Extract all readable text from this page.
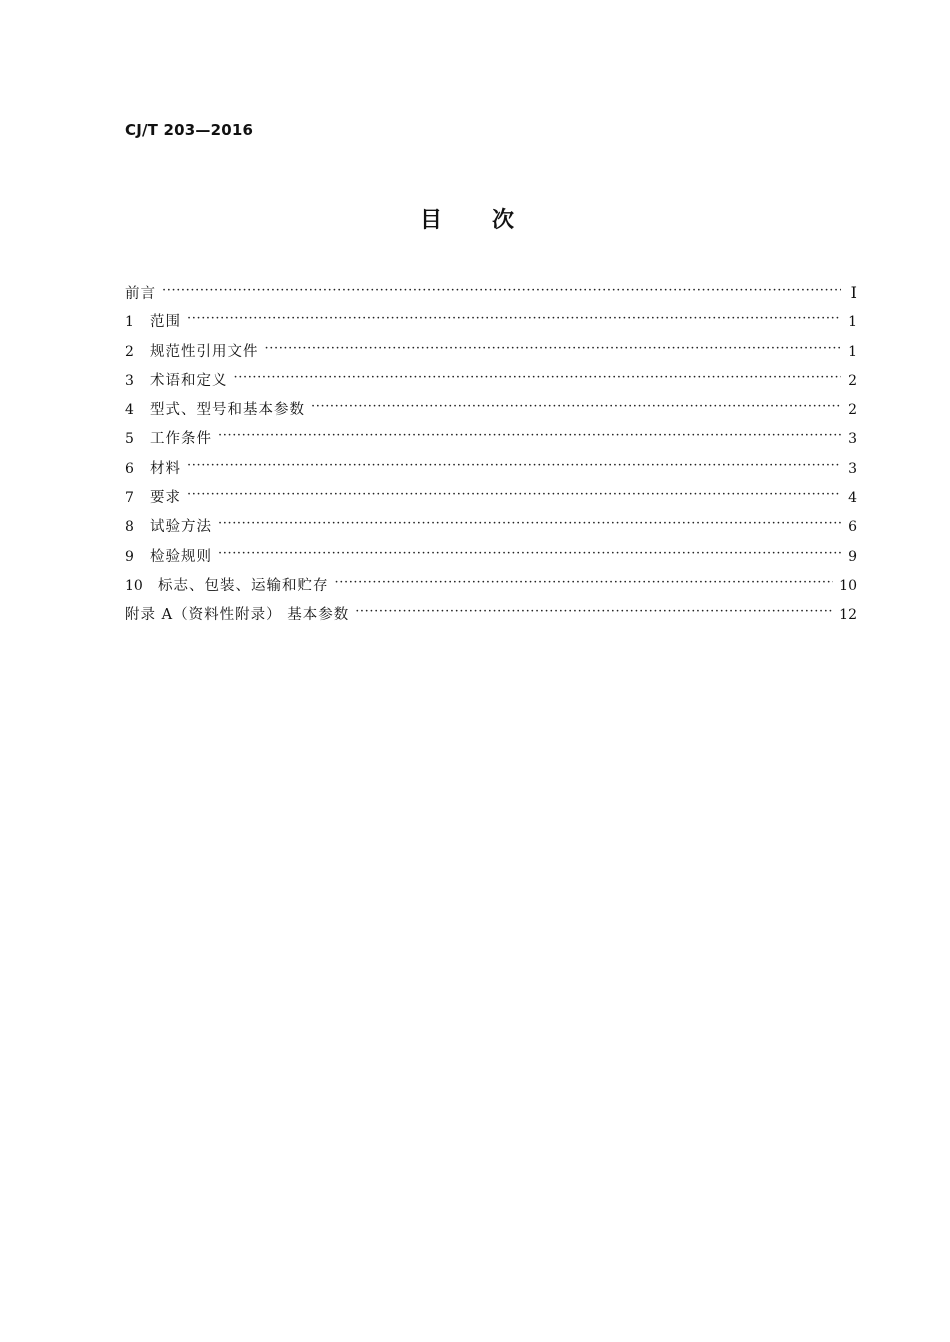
CJ/T 203—2016
目次
前言 ·····	I
1	范围 ·····	1
2	规范性引用文件 ·····	1
3	术语和定义 ·····	2
4	型式、型号和基本参数 ·····	2
5	工作条件 ·····	3
6	材料 ·····	3
7	要求 ·····	4
8	试验方法 ·····	6
9	检验规则 ·····	9
10	标志、包装、运输和贮存 ·····	10
附录 A（资料性附录） 基本参数 ·····	12
